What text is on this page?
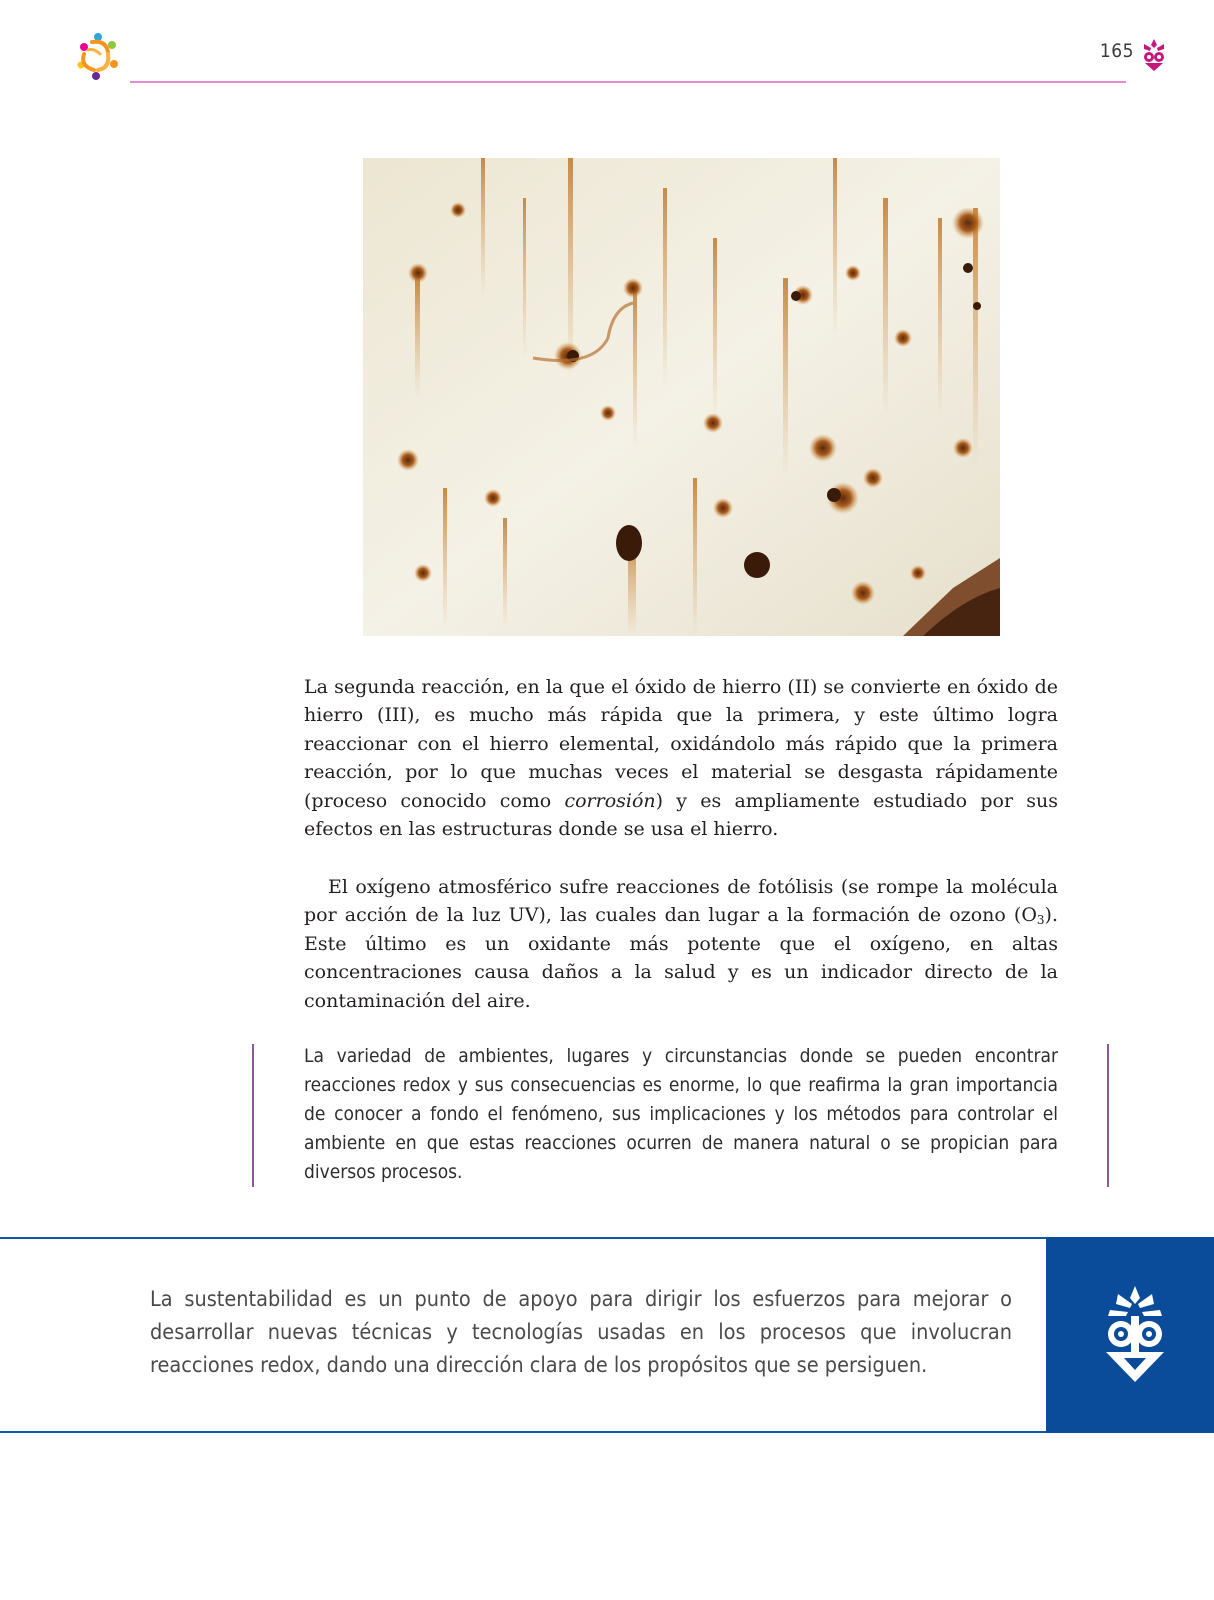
165

La segunda reacción, en la que el óxido de hierro (II) se convierte en óxido de hierro (III), es mucho más rápida que la primera, y este último logra reaccionar con el hierro elemental, oxidándolo más rápido que la primera reacción, por lo que muchas veces el material se desgasta rápidamente (proceso conocido como corrosión) y es ampliamente estudiado por sus efectos en las estructuras donde se usa el hierro.

El oxígeno atmosférico sufre reacciones de fotólisis (se rompe la molécula por acción de la luz UV), las cuales dan lugar a la formación de ozono $(O_3)$. Este último es un oxidante más potente que el oxígeno, en altas concentraciones causa daños a la salud y es un indicador directo de la contaminación del aire.

La variedad de ambientes, lugares y circunstancias donde se pueden encontrar reacciones redox y sus consecuencias es enorme, lo que reafirma la gran importancia de conocer a fondo el fenómeno, sus implicaciones y los métodos para controlar el ambiente en que estas reacciones ocurren de manera natural o se propician para diversos procesos.

La sustentabilidad es un punto de apoyo para dirigir los esfuerzos para mejorar o desarrollar nuevas técnicas y tecnologías usadas en los procesos que involucran reacciones redox, dando una dirección clara de los propósitos que se persiguen.
